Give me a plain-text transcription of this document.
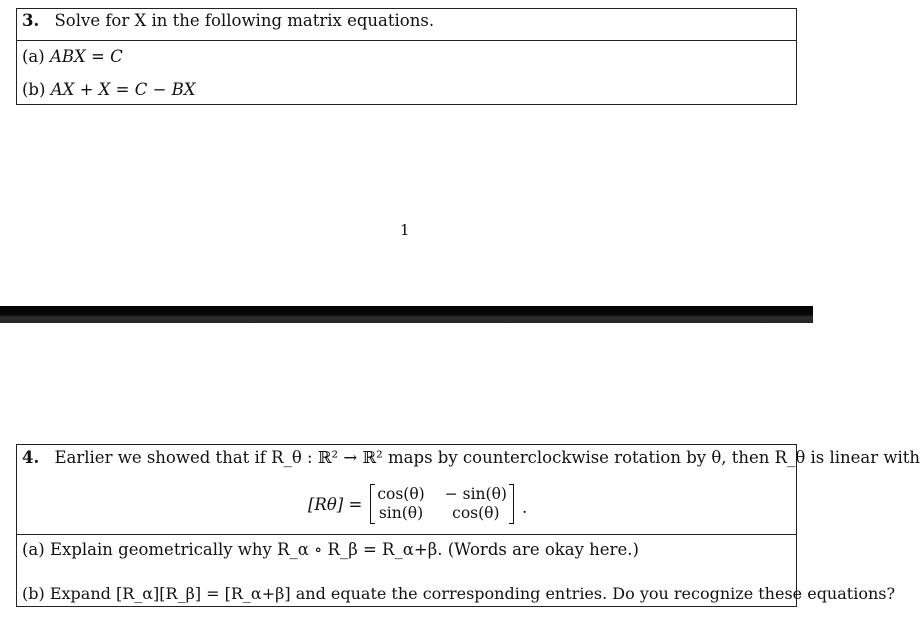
3. Solve for X in the following matrix equations.
(a) ABX = C
(b) AX + X = C − BX
1
4. Earlier we showed that if R_θ : ℝ² → ℝ² maps by counterclockwise rotation by θ, then R_θ is linear with
[Rθ] =
cos(θ) − sin(θ)
sin(θ)	cos(θ)	.
(a) Explain geometrically why R_α ∘ R_β = R_α+β. (Words are okay here.)
(b) Expand [R_α][R_β] = [R_α+β] and equate the corresponding entries. Do you recognize these equations?
